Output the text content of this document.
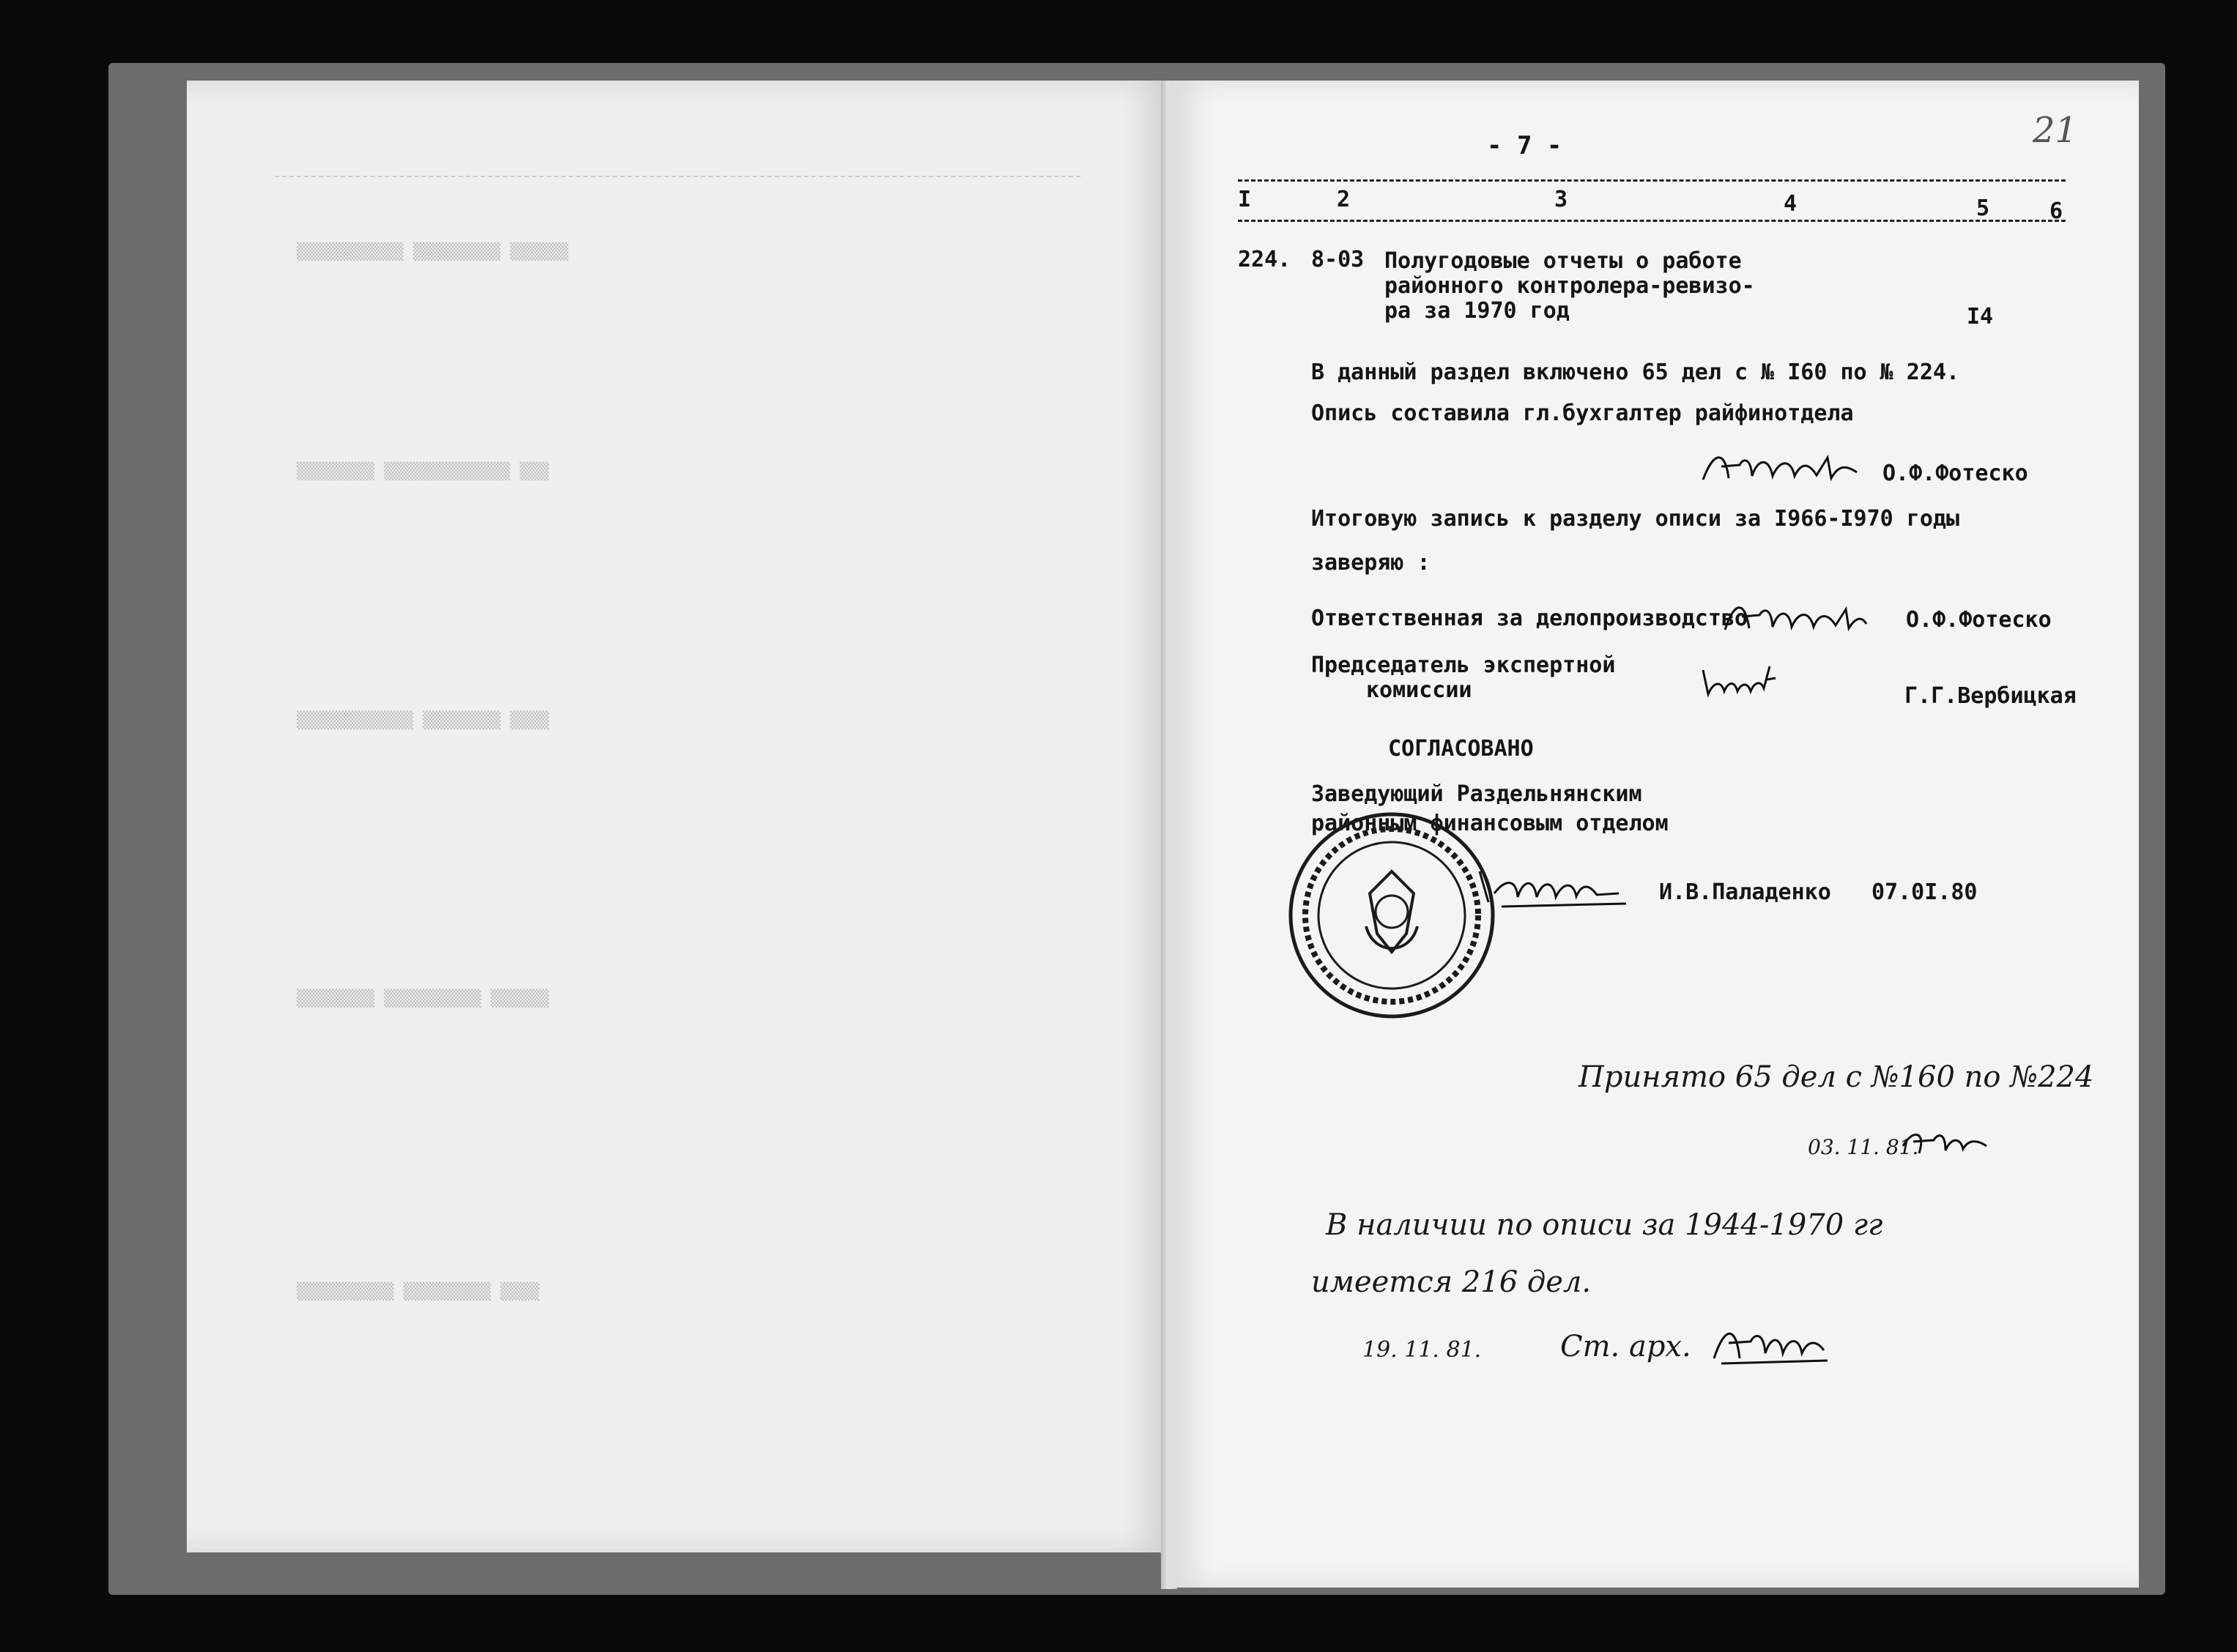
▒▒▒▒▒▒▒▒▒▒▒ ▒▒▒▒▒▒▒▒▒ ▒▒▒▒▒▒
▒▒▒▒▒▒▒▒ ▒▒▒▒▒▒▒▒▒▒▒▒▒ ▒▒▒
▒▒▒▒▒▒▒▒▒▒▒▒ ▒▒▒▒▒▒▒▒ ▒▒▒▒
▒▒▒▒▒▒▒▒ ▒▒▒▒▒▒▒▒▒▒ ▒▒▒▒▒▒
▒▒▒▒▒▒▒▒▒▒ ▒▒▒▒▒▒▒▒▒ ▒▒▒▒
- 7 -	21
I	2	3	4	5	6
224. 8-03 Полугодовые отчеты о работе
районного контролера-ревизо-
ра за 1970 год	I4
В данный раздел включено 65 дел с № I60 по № 224.
Опись составила гл.бухгалтер райфинотдела
О.Ф.Фотеско
Итоговую запись к разделу описи за I966-I970 годы
заверяю :
Ответственная за делопроизводство	О.Ф.Фотеско
Председатель экспертной
комиссии	Г.Г.Вербицкая
СОГЛАСОВАНО
Заведующий Раздельнянским
районным финансовым отделом
И.В.Паладенко 07.0I.80
Принято 65 дел с №160 по №224
03. 11. 81.
В наличии по описи за 1944-1970 гг
имеется 216 дел.
19. 11. 81.	Ст. арх.
